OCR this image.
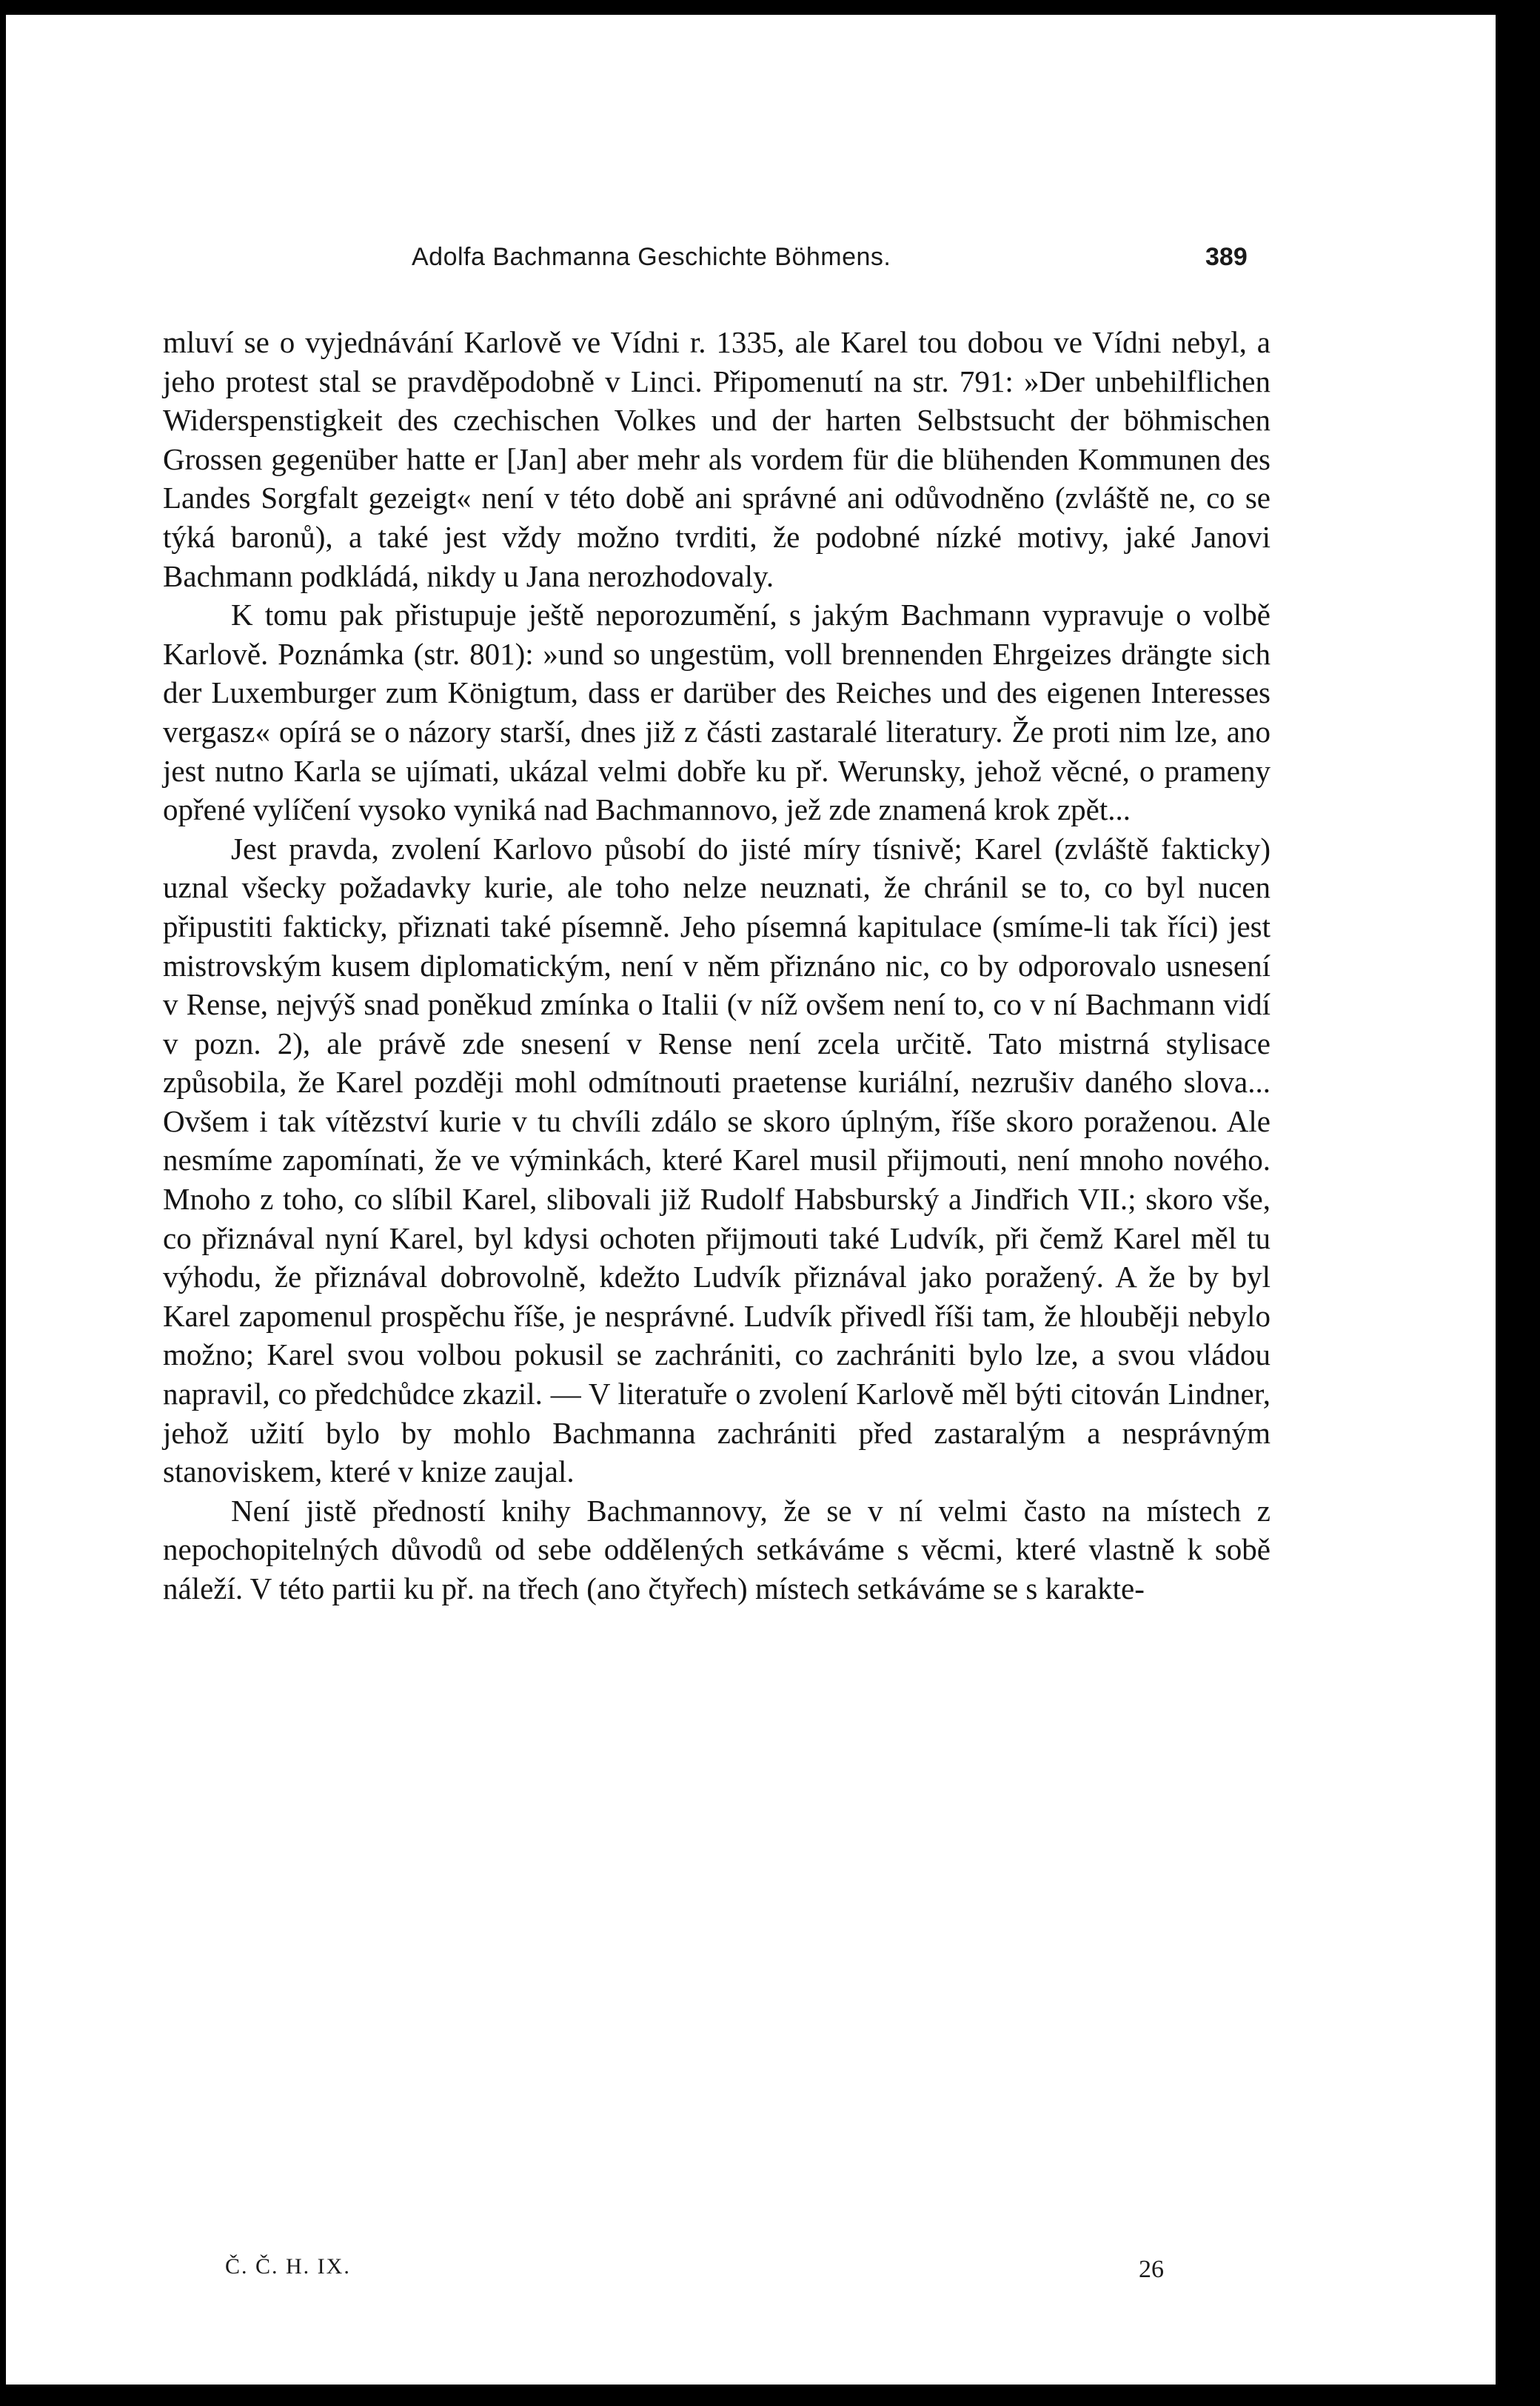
Adolfa Bachmanna Geschichte Böhmens.	389

mluví se o vyjednávání Karlově ve Vídni r. 1335, ale Karel tou dobou ve Vídni nebyl, a jeho protest stal se pravděpodobně v Linci. Připomenutí na str. 791: »Der unbehilflichen Widerspenstigkeit des czechischen Volkes und der harten Selbstsucht der böhmischen Grossen gegenüber hatte er [Jan] aber mehr als vordem für die blühenden Kommunen des Landes Sorgfalt gezeigt« není v této době ani správné ani odůvodněno (zvláště ne, co se týká baronů), a také jest vždy možno tvrditi, že podobné nízké motivy, jaké Janovi Bachmann podkládá, nikdy u Jana nerozhodovaly.

K tomu pak přistupuje ještě neporozumění, s jakým Bachmann vypravuje o volbě Karlově. Poznámka (str. 801): »und so ungestüm, voll brennenden Ehrgeizes drängte sich der Luxemburger zum Königtum, dass er darüber des Reiches und des eigenen Interesses vergasz« opírá se o názory starší, dnes již z části zastaralé literatury. Že proti nim lze, ano jest nutno Karla se ujímati, ukázal velmi dobře ku př. Werunsky, jehož věcné, o prameny opřené vylíčení vysoko vyniká nad Bachmannovo, jež zde znamená krok zpět...

Jest pravda, zvolení Karlovo působí do jisté míry tísnivě; Karel (zvláště fakticky) uznal všecky požadavky kurie, ale toho nelze neuznati, že chránil se to, co byl nucen připustiti fakticky, přiznati také písemně. Jeho písemná kapitulace (smíme-li tak říci) jest mistrovským kusem diplomatickým, není v něm přiznáno nic, co by odporovalo usnesení v Rense, nejvýš snad poněkud zmínka o Italii (v níž ovšem není to, co v ní Bachmann vidí v pozn. 2), ale právě zde snesení v Rense není zcela určitě. Tato mistrná stylisace způsobila, že Karel později mohl odmítnouti praetense kuriální, nezrušiv daného slova... Ovšem i tak vítězství kurie v tu chvíli zdálo se skoro úplným, říše skoro poraženou. Ale nesmíme zapomínati, že ve výminkách, které Karel musil přijmouti, není mnoho nového. Mnoho z toho, co slíbil Karel, slibovali již Rudolf Habsburský a Jindřich VII.; skoro vše, co přiznával nyní Karel, byl kdysi ochoten přijmouti také Ludvík, při čemž Karel měl tu výhodu, že přiznával dobrovolně, kdežto Ludvík přiznával jako poražený. A že by byl Karel zapomenul prospěchu říše, je nesprávné. Ludvík přivedl říši tam, že hlouběji nebylo možno; Karel svou volbou pokusil se zachrániti, co zachrániti bylo lze, a svou vládou napravil, co předchůdce zkazil. — V literatuře o zvolení Karlově měl býti citován Lindner, jehož užití bylo by mohlo Bachmanna zachrániti před zastaralým a nesprávným stanoviskem, které v knize zaujal.

Není jistě předností knihy Bachmannovy, že se v ní velmi často na místech z nepochopitelných důvodů od sebe oddělených setkáváme s věcmi, které vlastně k sobě náleží. V této partii ku př. na třech (ano čtyřech) místech setkáváme se s karakte-

Č. Č. H. IX.	26
